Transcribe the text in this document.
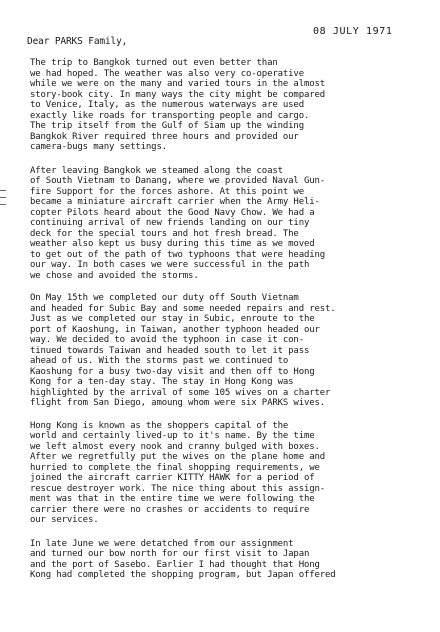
08 JULY 1971
Dear PARKS Family,
The trip to Bangkok turned out even better than
we had hoped. The weather was also very co-operative
while we were on the many and varied tours in the almost
story-book city. In many ways the city might be compared
to Venice, Italy, as the numerous waterways are used
exactly like roads for transporting people and cargo.
The trip itself from the Gulf of Siam up the winding
Bangkok River required three hours and provided our
camera-bugs many settings.
After leaving Bangkok we steamed along the coast
of South Vietnam to Danang, where we provided Naval Gun-
fire Support for the forces ashore. At this point we
became a miniature aircraft carrier when the Army Heli-
copter Pilots heard about the Good Navy Chow. We had a
continuing arrival of new friends landing on our tiny
deck for the special tours and hot fresh bread. The
weather also kept us busy during this time as we moved
to get out of the path of two typhoons that were heading
our way. In both cases we were successful in the path
we chose and avoided the storms.
On May 15th we completed our duty off South Vietnam
and headed for Subic Bay and some needed repairs and rest.
Just as we completed our stay in Subic, enroute to the
port of Kaoshung, in Taiwan, another typhoon headed our
way. We decided to avoid the typhoon in case it con-
tinued towards Taiwan and headed south to let it pass
ahead of us. With the storms past we continued to
Kaoshung for a busy two-day visit and then off to Hong
Kong for a ten-day stay. The stay in Hong Kong was
highlighted by the arrival of some 105 wives on a charter
flight from San Diego, amoung whom were six PARKS wives.
Hong Kong is known as the shoppers capital of the
world and certainly lived-up to it's name. By the time
we left almost every nook and cranny bulged with boxes.
After we regretfully put the wives on the plane home and
hurried to complete the final shopping requirements, we
joined the aircraft carrier KITTY HAWK for a period of
rescue destroyer work. The nice thing about this assign-
ment was that in the entire time we were following the
carrier there were no crashes or accidents to require
our services.
In late June we were detatched from our assignment
and turned our bow north for our first visit to Japan
and the port of Sasebo. Earlier I had thought that Hong
Kong had completed the shopping program, but Japan offered
